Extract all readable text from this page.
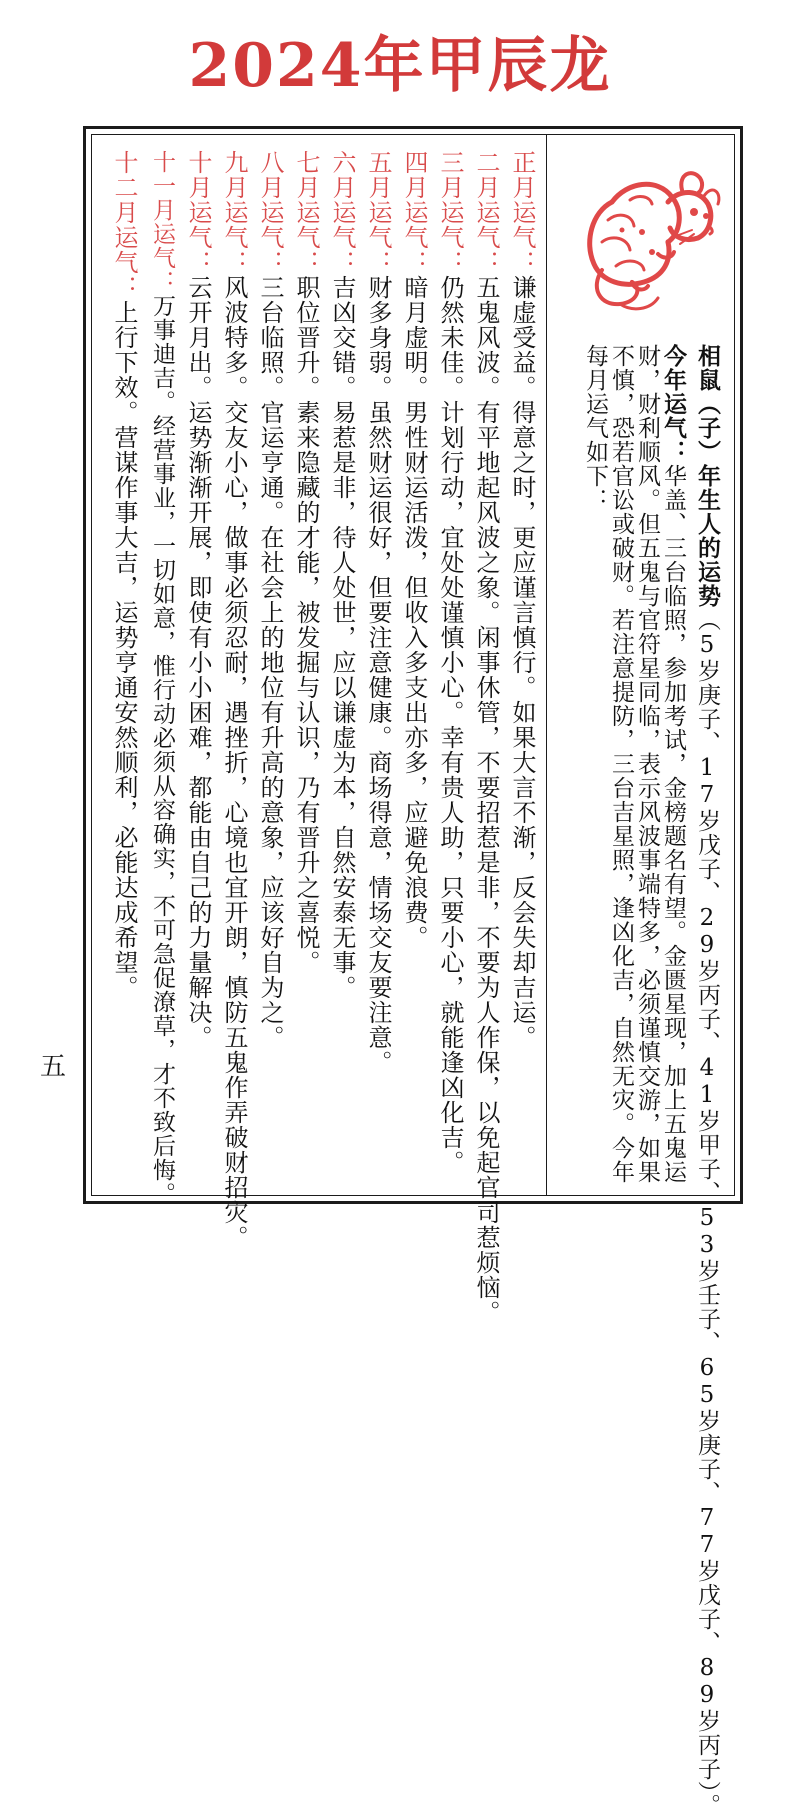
2024年甲辰龙
相鼠（子）年生人的运势（5岁庚子、17岁戊子、29岁丙子、41岁甲子、53岁壬子、65岁庚子、77岁戊子、89岁丙子）。
今年运气：华盖、三台临照，参加考试，金榜题名有望。金匮星现，加上五鬼运财，财利顺风。但五鬼与官符星同临，表示风波事端特多，必须谨慎交游，如果不慎，恐若官讼或破财。若注意提防，三台吉星照，逢凶化吉，自然无灾。今年每月运气如下：
正月运气：谦虚受益。得意之时，更应谨言慎行。如果大言不渐，反会失却吉运。
二月运气：五鬼风波。有平地起风波之象。闲事休管，不要招惹是非，不要为人作保，以免起官司惹烦恼。
三月运气：仍然未佳。计划行动，宜处处谨慎小心。幸有贵人助，只要小心，就能逢凶化吉。
四月运气：暗月虚明。男性财运活泼，但收入多支出亦多，应避免浪费。
五月运气：财多身弱。虽然财运很好，但要注意健康。商场得意，情场交友要注意。
六月运气：吉凶交错。易惹是非，待人处世，应以谦虚为本，自然安泰无事。
七月运气：职位晋升。素来隐藏的才能，被发掘与认识，乃有晋升之喜悦。
八月运气：三台临照。官运亨通。在社会上的地位有升高的意象，应该好自为之。
九月运气：风波特多。交友小心，做事必须忍耐，遇挫折，心境也宜开朗，慎防五鬼作弄破财招灾。
十月运气：云开月出。运势渐渐开展，即使有小小困难，都能由自己的力量解决。
十一月运气：万事迪吉。经营事业，一切如意，惟行动必须从容确实，不可急促潦草，才不致后悔。
十二月运气：上行下效。营谋作事大吉，运势亨通安然顺利，必能达成希望。
五
